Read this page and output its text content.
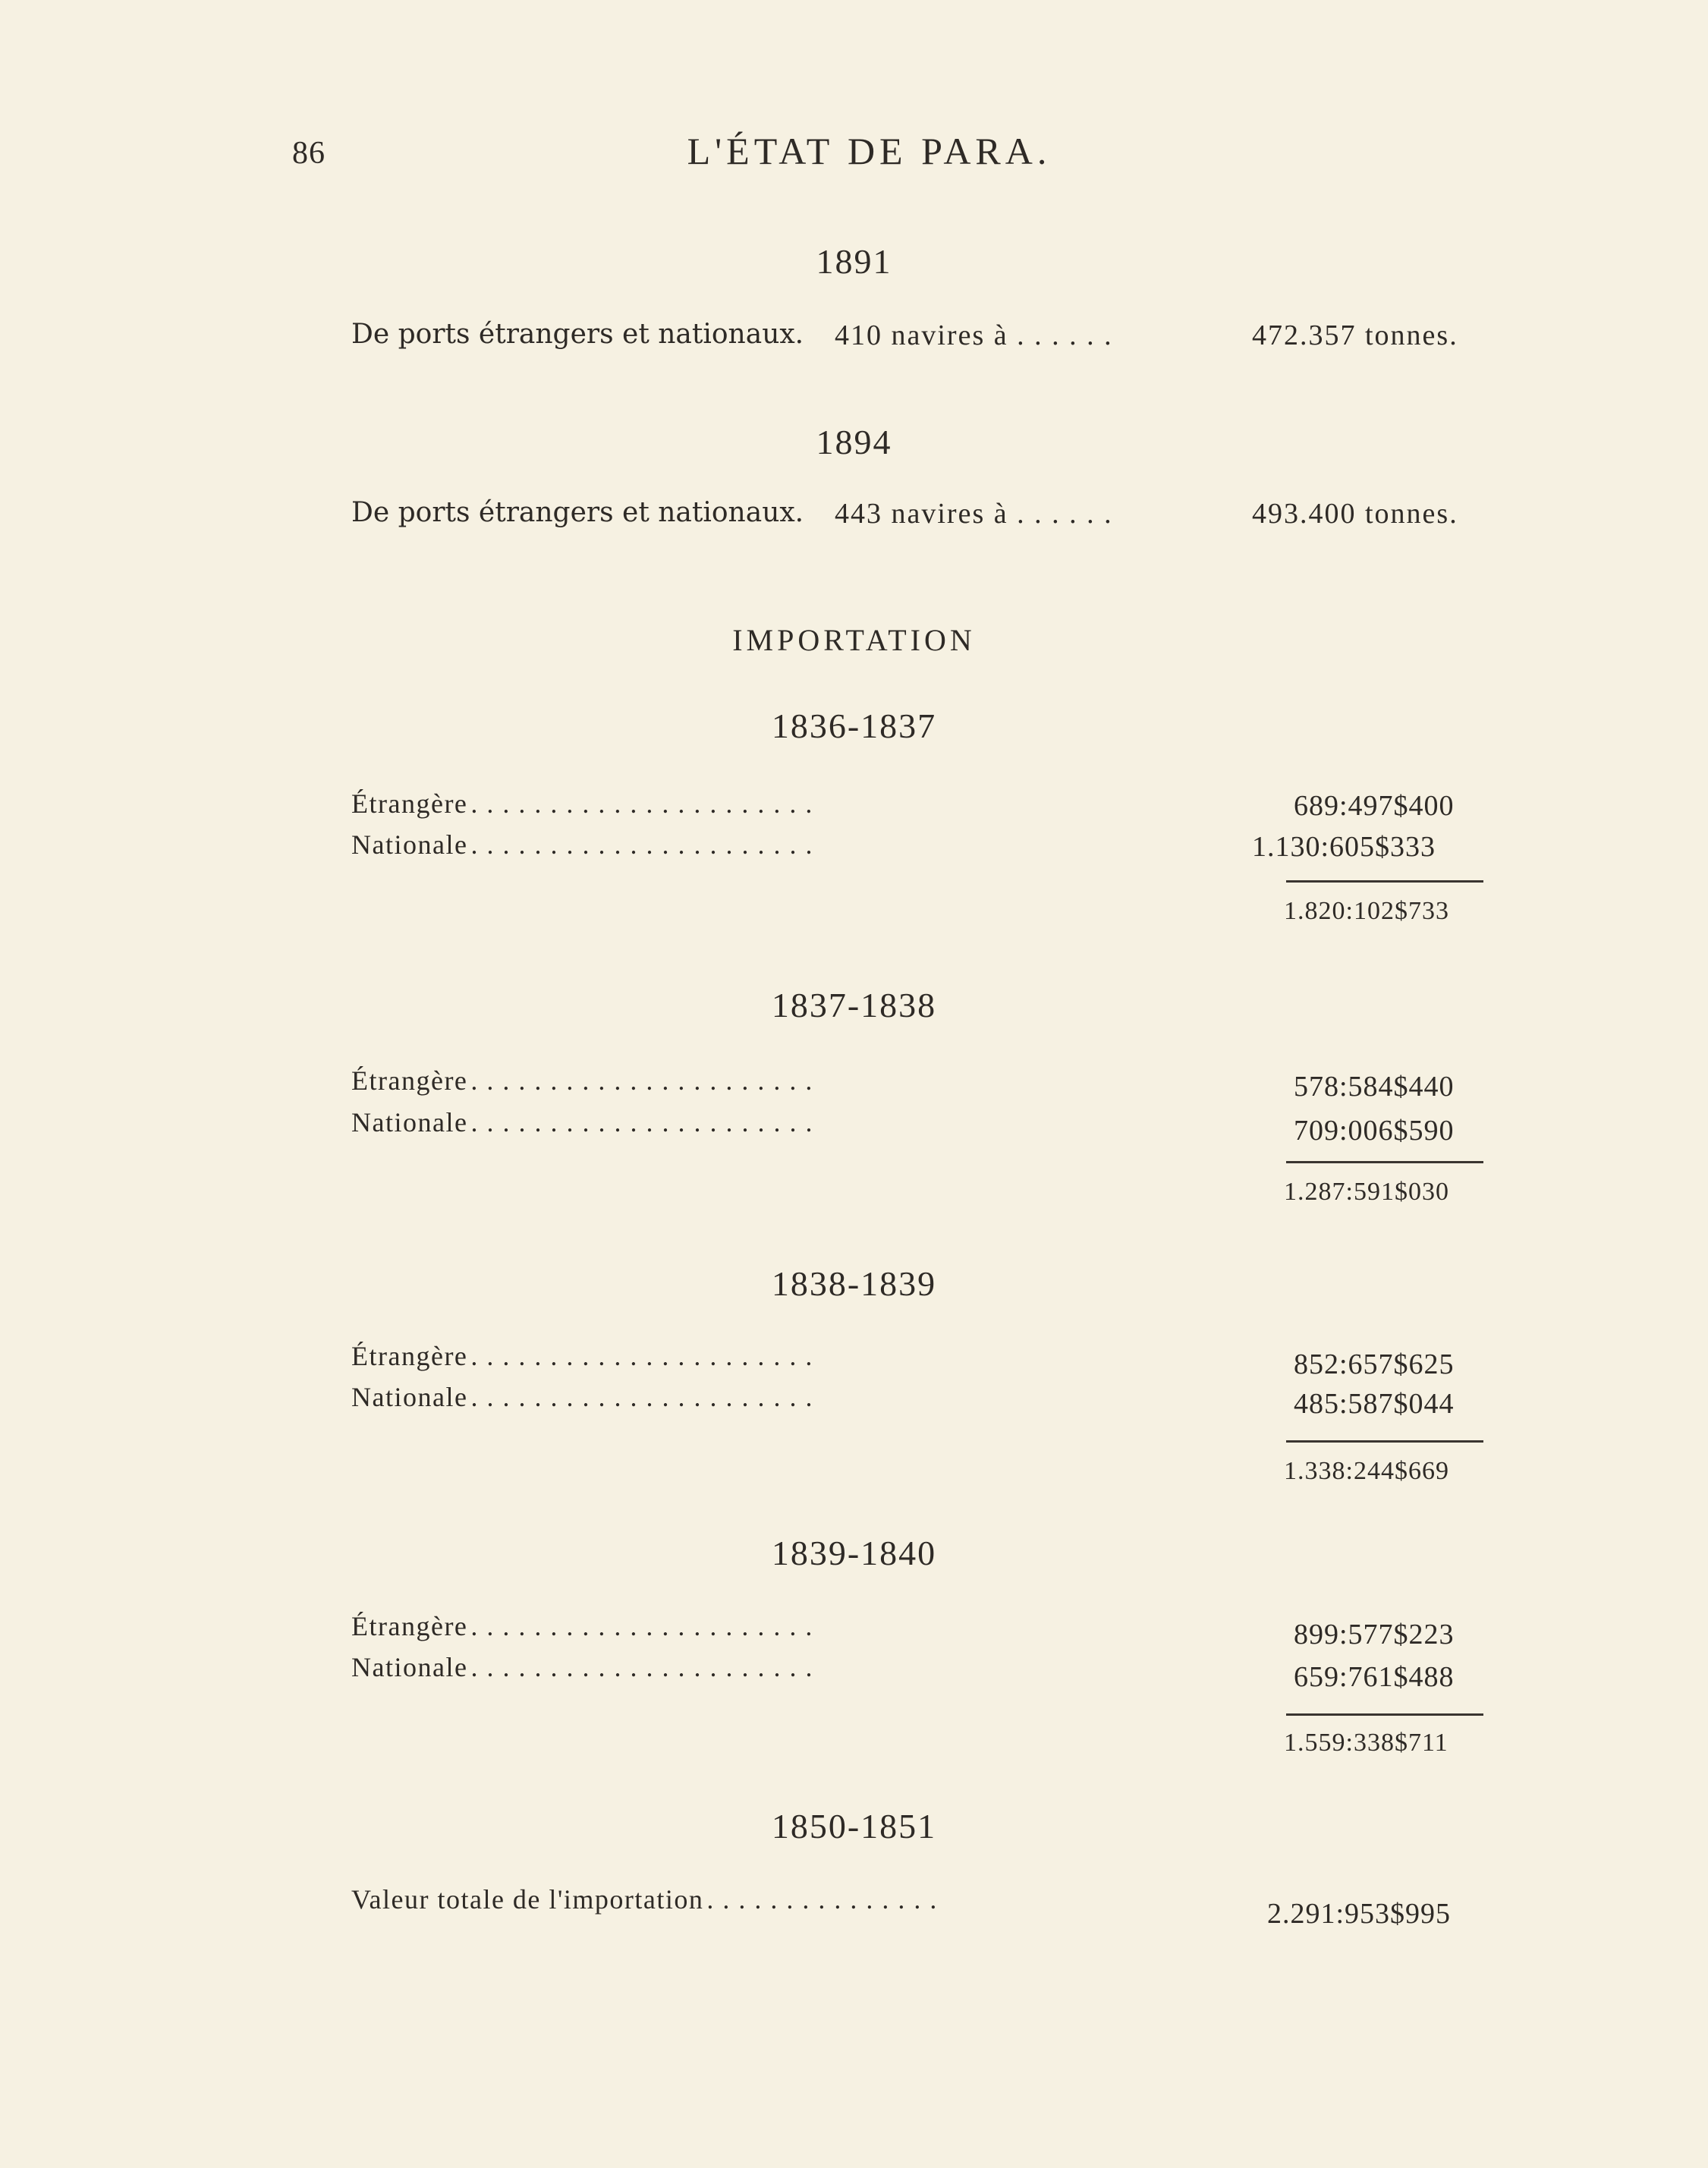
86	L'ÉTAT DE PARA.
1891
De ports étrangers et nationaux. 410 navires à . . . . . .	472.357 tonnes.
1894
De ports étrangers et nationaux. 443 navires à . . . . . .	493.400 tonnes.
IMPORTATION
1836-1837
Étrangère ......................	689:497$400
Nationale ......................	1.130:605$333
1.820:102$733
1837-1838
Étrangère ......................	578:584$440
Nationale ......................	709:006$590
1.287:591$030
1838-1839
Étrangère ......................	852:657$625
Nationale ......................	485:587$044
1.338:244$669
1839-1840
Étrangère ......................	899:577$223
Nationale ......................	659:761$488
1.559:338$711
1850-1851
Valeur totale de l'importation ...............	2.291:953$995
